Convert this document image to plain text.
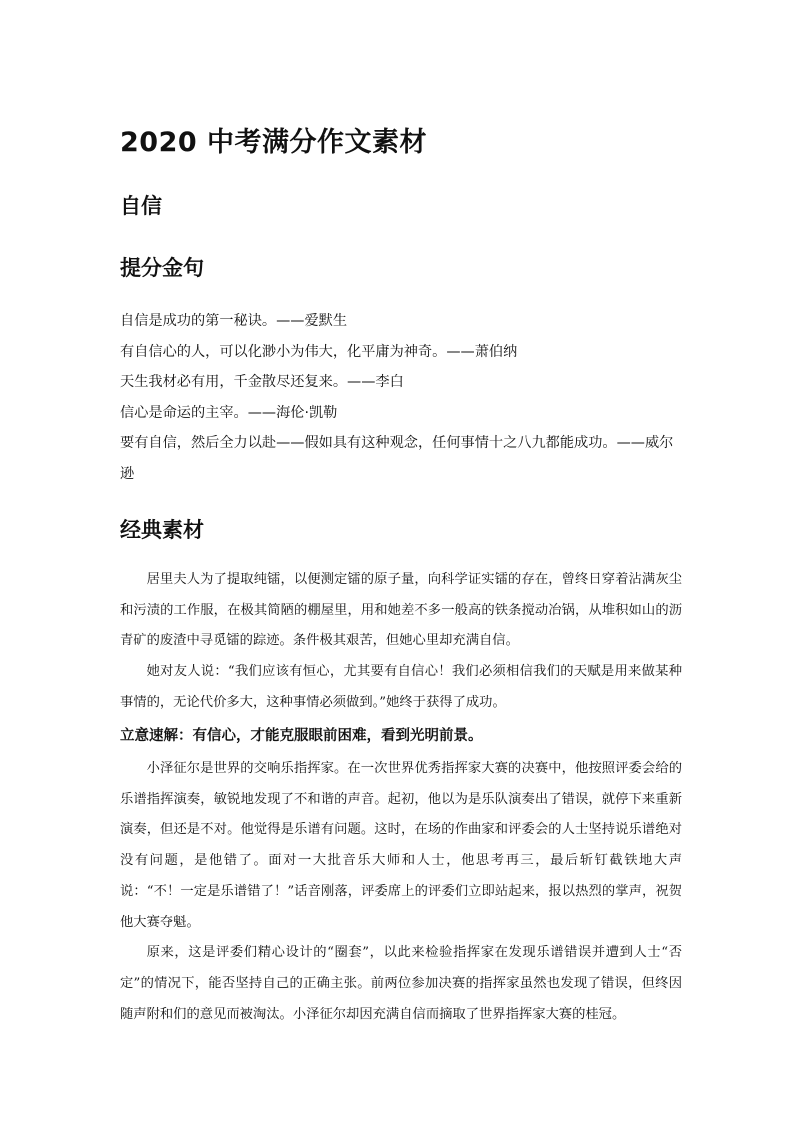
2020 中考满分作文素材
自信
提分金句
自信是成功的第一秘诀。——爱默生
有自信心的人，可以化渺小为伟大，化平庸为神奇。——萧伯纳
天生我材必有用，千金散尽还复来。——李白
信心是命运的主宰。——海伦·凯勒
要有自信，然后全力以赴——假如具有这种观念，任何事情十之八九都能成功。——威尔逊
经典素材

居里夫人为了提取纯镭，以便测定镭的原子量，向科学证实镭的存在，曾终日穿着沾满灰尘和污渍的工作服，在极其简陋的棚屋里，用和她差不多一般高的铁条搅动冶锅，从堆积如山的沥青矿的废渣中寻觅镭的踪迹。条件极其艰苦，但她心里却充满自信。

她对友人说：“我们应该有恒心，尤其要有自信心！我们必须相信我们的天赋是用来做某种事情的，无论代价多大，这种事情必须做到。”她终于获得了成功。

立意速解：有信心，才能克服眼前困难，看到光明前景。

小泽征尔是世界的交响乐指挥家。在一次世界优秀指挥家大赛的决赛中，他按照评委会给的乐谱指挥演奏，敏锐地发现了不和谐的声音。起初，他以为是乐队演奏出了错误，就停下来重新演奏，但还是不对。他觉得是乐谱有问题。这时，在场的作曲家和评委会的人士坚持说乐谱绝对没有问题，是他错了。面对一大批音乐大师和人士，他思考再三，最后斩钉截铁地大声说：“不！一定是乐谱错了！”话音刚落，评委席上的评委们立即站起来，报以热烈的掌声，祝贺他大赛夺魁。

原来，这是评委们精心设计的“圈套”，以此来检验指挥家在发现乐谱错误并遭到人士“否定”的情况下，能否坚持自己的正确主张。前两位参加决赛的指挥家虽然也发现了错误，但终因随声附和们的意见而被淘汰。小泽征尔却因充满自信而摘取了世界指挥家大赛的桂冠。
